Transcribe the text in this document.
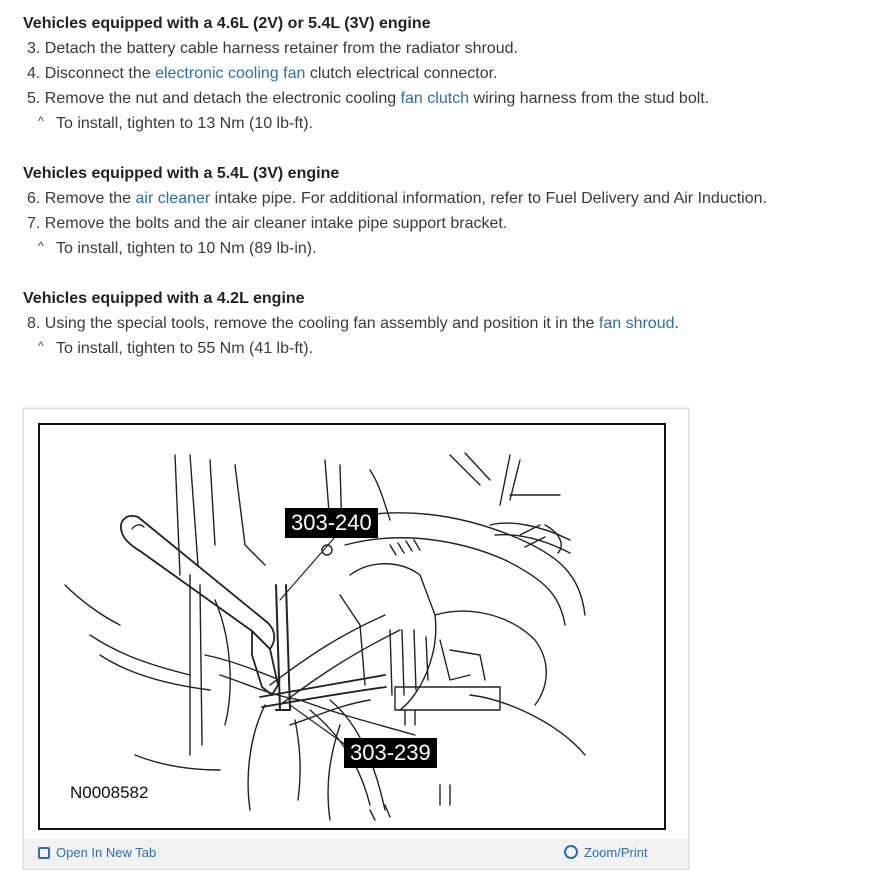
Vehicles equipped with a 4.6L (2V) or 5.4L (3V) engine
3. Detach the battery cable harness retainer from the radiator shroud.
4. Disconnect the electronic cooling fan clutch electrical connector.
5. Remove the nut and detach the electronic cooling fan clutch wiring harness from the stud bolt.
^ To install, tighten to 13 Nm (10 lb-ft).
Vehicles equipped with a 5.4L (3V) engine
6. Remove the air cleaner intake pipe. For additional information, refer to Fuel Delivery and Air Induction.
7. Remove the bolts and the air cleaner intake pipe support bracket.
^ To install, tighten to 10 Nm (89 lb-in).
Vehicles equipped with a 4.2L engine
8. Using the special tools, remove the cooling fan assembly and position it in the fan shroud.
^ To install, tighten to 55 Nm (41 lb-ft).
303-240
303-239
N0008582
Open In New Tab	Zoom/Print
